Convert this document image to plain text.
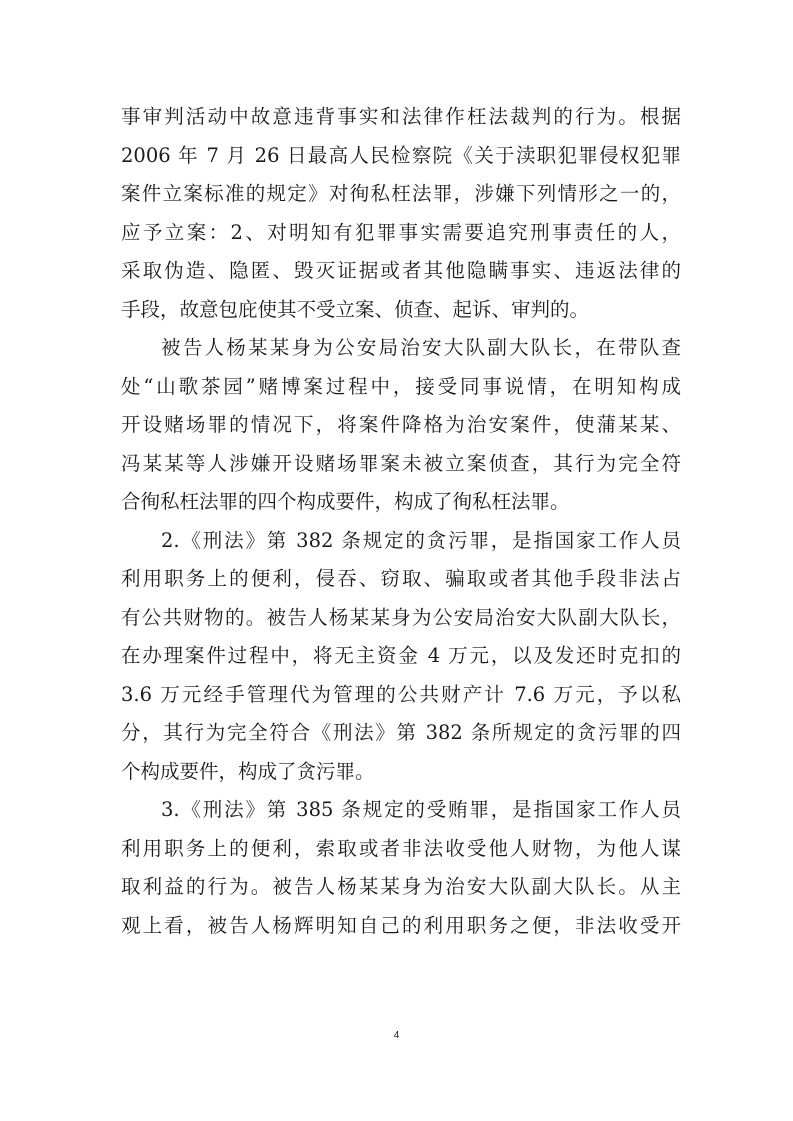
事审判活动中故意违背事实和法律作枉法裁判的行为。根据
2006 年 7 月 26 日最高人民检察院《关于渎职犯罪侵权犯罪
案件立案标准的规定》对徇私枉法罪，涉嫌下列情形之一的，
应予立案：2、对明知有犯罪事实需要追究刑事责任的人，
采取伪造、隐匿、毁灭证据或者其他隐瞒事实、违返法律的
手段，故意包庇使其不受立案、侦查、起诉、审判的。
被告人杨某某身为公安局治安大队副大队长，在带队查
处“山歌茶园”赌博案过程中，接受同事说情，在明知构成
开设赌场罪的情况下，将案件降格为治安案件，使蒲某某、
冯某某等人涉嫌开设赌场罪案未被立案侦查，其行为完全符
合徇私枉法罪的四个构成要件，构成了徇私枉法罪。
2.《刑法》第 382 条规定的贪污罪，是指国家工作人员
利用职务上的便利，侵吞、窃取、骗取或者其他手段非法占
有公共财物的。被告人杨某某身为公安局治安大队副大队长，
在办理案件过程中，将无主资金 4 万元，以及发还时克扣的
3.6 万元经手管理代为管理的公共财产计 7.6 万元，予以私
分，其行为完全符合《刑法》第 382 条所规定的贪污罪的四
个构成要件，构成了贪污罪。
3.《刑法》第 385 条规定的受贿罪，是指国家工作人员
利用职务上的便利，索取或者非法收受他人财物，为他人谋
取利益的行为。被告人杨某某身为治安大队副大队长。从主
观上看，被告人杨辉明知自己的利用职务之便，非法收受开
4
